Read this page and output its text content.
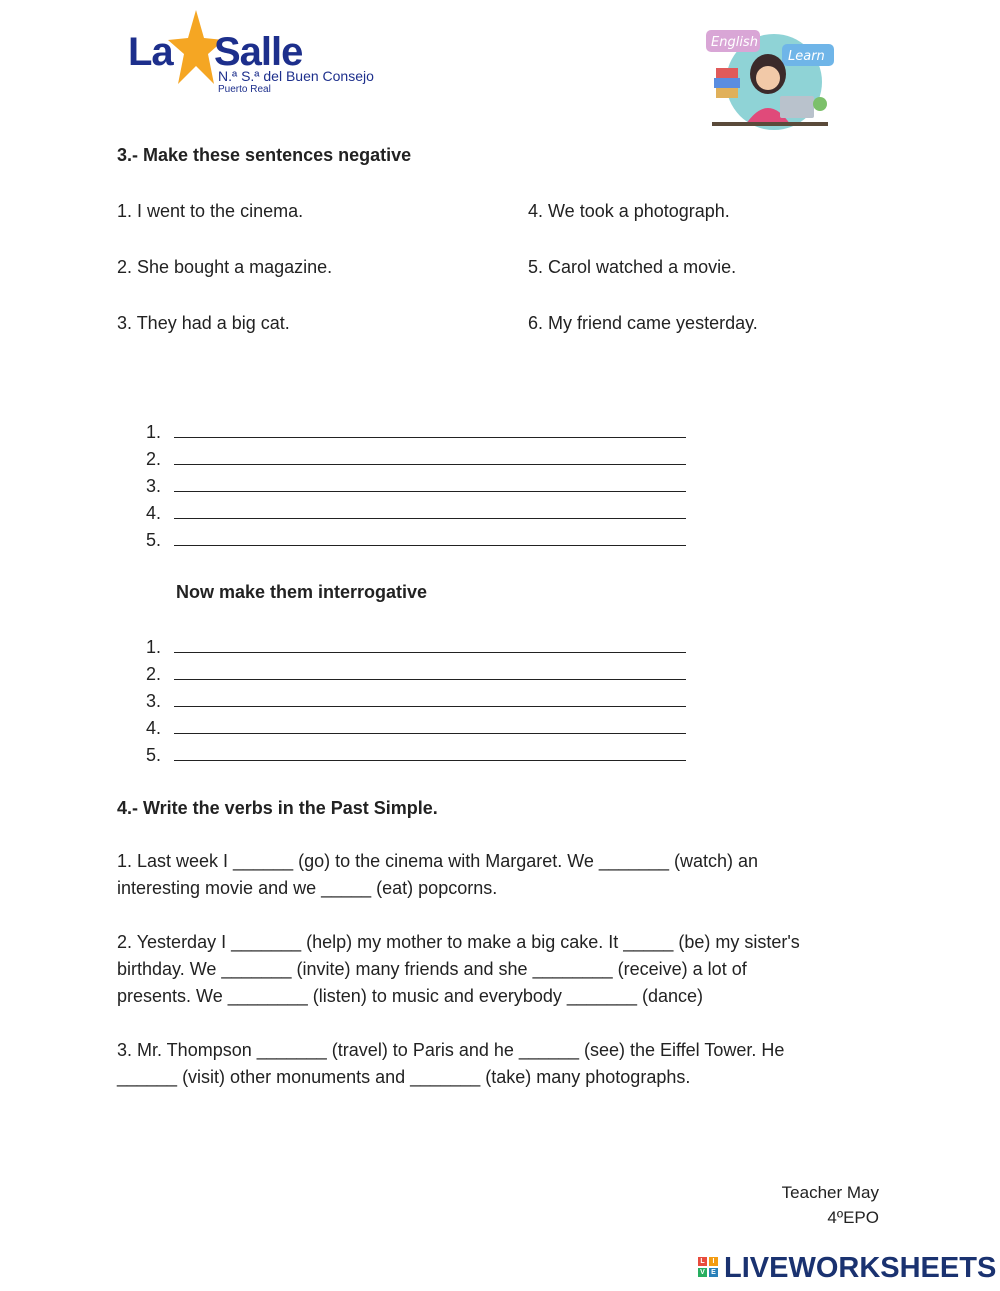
La Salle
N.ª S.ª del Buen Consejo
Puerto Real
English
Learn
3.- Make these sentences negative
1. I went to the cinema.
2. She bought a magazine.
3. They had a big cat.
4. We took a photograph.
5. Carol watched a movie.
6. My friend came yesterday.
1.
2.
3.
4.
5.
Now make them interrogative
1.
2.
3.
4.
5.
4.- Write the verbs in the Past Simple.
1. Last week I ______ (go) to the cinema with Margaret. We _______ (watch) an
interesting movie and we _____ (eat) popcorns.
2. Yesterday I _______ (help) my mother to make a big cake. It _____ (be) my sister's
birthday. We _______ (invite) many friends and she ________ (receive) a lot of
presents. We ________ (listen) to music and everybody _______ (dance)
3. Mr. Thompson _______ (travel) to Paris and he ______ (see) the Eiffel Tower. He
______ (visit) other monuments and _______ (take) many photographs.
Teacher May
4ºEPO
L	I
V E LIVEWORKSHEETS
